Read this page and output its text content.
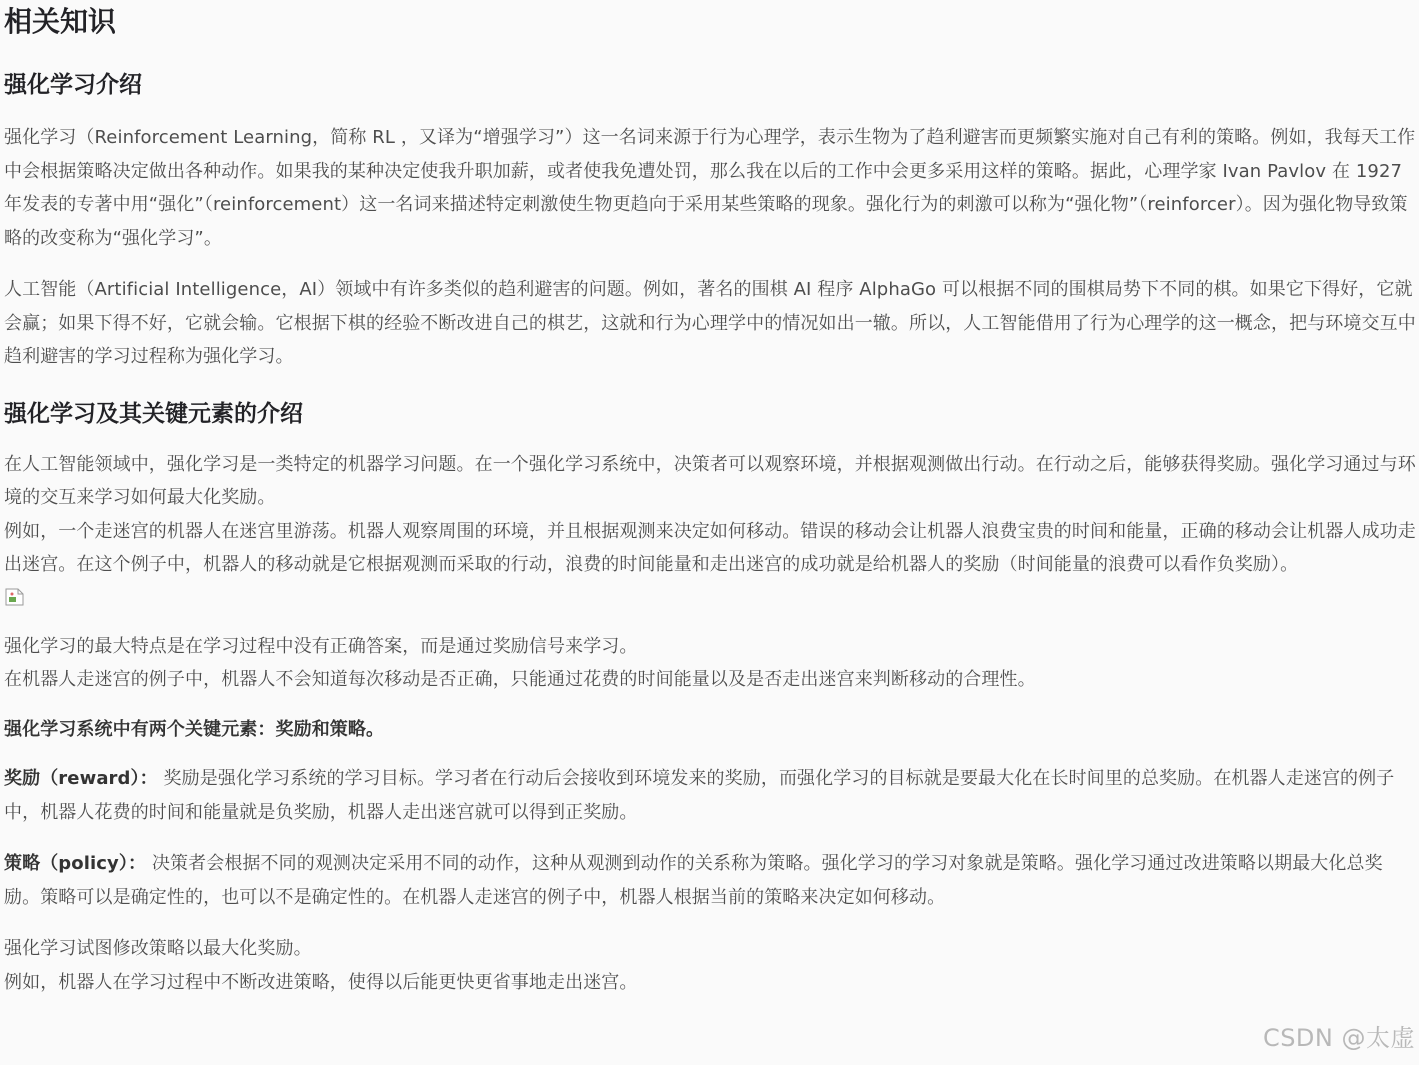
相关知识
强化学习介绍

强化学习（Reinforcement Learning，简称 RL ，又译为“增强学习”）这一名词来源于行为心理学，表示生物为了趋利避害而更频繁实施对自己有利的策略。例如，我每天工作中会根据策略决定做出各种动作。如果我的某种决定使我升职加薪，或者使我免遭处罚，那么我在以后的工作中会更多采用这样的策略。据此，心理学家 Ivan Pavlov 在 1927 年发表的专著中用“强化”（reinforcement）这一名词来描述特定刺激使生物更趋向于采用某些策略的现象。强化行为的刺激可以称为“强化物”（reinforcer）。因为强化物导致策略的改变称为“强化学习”。

人工智能（Artificial Intelligence，AI）领域中有许多类似的趋利避害的问题。例如，著名的围棋 AI 程序 AlphaGo 可以根据不同的围棋局势下不同的棋。如果它下得好，它就会赢；如果下得不好，它就会输。它根据下棋的经验不断改进自己的棋艺，这就和行为心理学中的情况如出一辙。所以，人工智能借用了行为心理学的这一概念，把与环境交互中趋利避害的学习过程称为强化学习。

强化学习及其关键元素的介绍

在人工智能领域中，强化学习是一类特定的机器学习问题。在一个强化学习系统中，决策者可以观察环境，并根据观测做出行动。在行动之后，能够获得奖励。强化学习通过与环境的交互来学习如何最大化奖励。
例如，一个走迷宫的机器人在迷宫里游荡。机器人观察周围的环境，并且根据观测来决定如何移动。错误的移动会让机器人浪费宝贵的时间和能量，正确的移动会让机器人成功走出迷宫。在这个例子中，机器人的移动就是它根据观测而采取的行动，浪费的时间能量和走出迷宫的成功就是给机器人的奖励（时间能量的浪费可以看作负奖励）。

强化学习的最大特点是在学习过程中没有正确答案，而是通过奖励信号来学习。
在机器人走迷宫的例子中，机器人不会知道每次移动是否正确，只能通过花费的时间能量以及是否走出迷宫来判断移动的合理性。

强化学习系统中有两个关键元素：奖励和策略。

奖励（reward）： 奖励是强化学习系统的学习目标。学习者在行动后会接收到环境发来的奖励，而强化学习的目标就是要最大化在长时间里的总奖励。在机器人走迷宫的例子中，机器人花费的时间和能量就是负奖励，机器人走出迷宫就可以得到正奖励。

策略（policy）： 决策者会根据不同的观测决定采用不同的动作，这种从观测到动作的关系称为策略。强化学习的学习对象就是策略。强化学习通过改进策略以期最大化总奖励。策略可以是确定性的，也可以不是确定性的。在机器人走迷宫的例子中，机器人根据当前的策略来决定如何移动。

强化学习试图修改策略以最大化奖励。
例如，机器人在学习过程中不断改进策略，使得以后能更快更省事地走出迷宫。

CSDN @太虚
